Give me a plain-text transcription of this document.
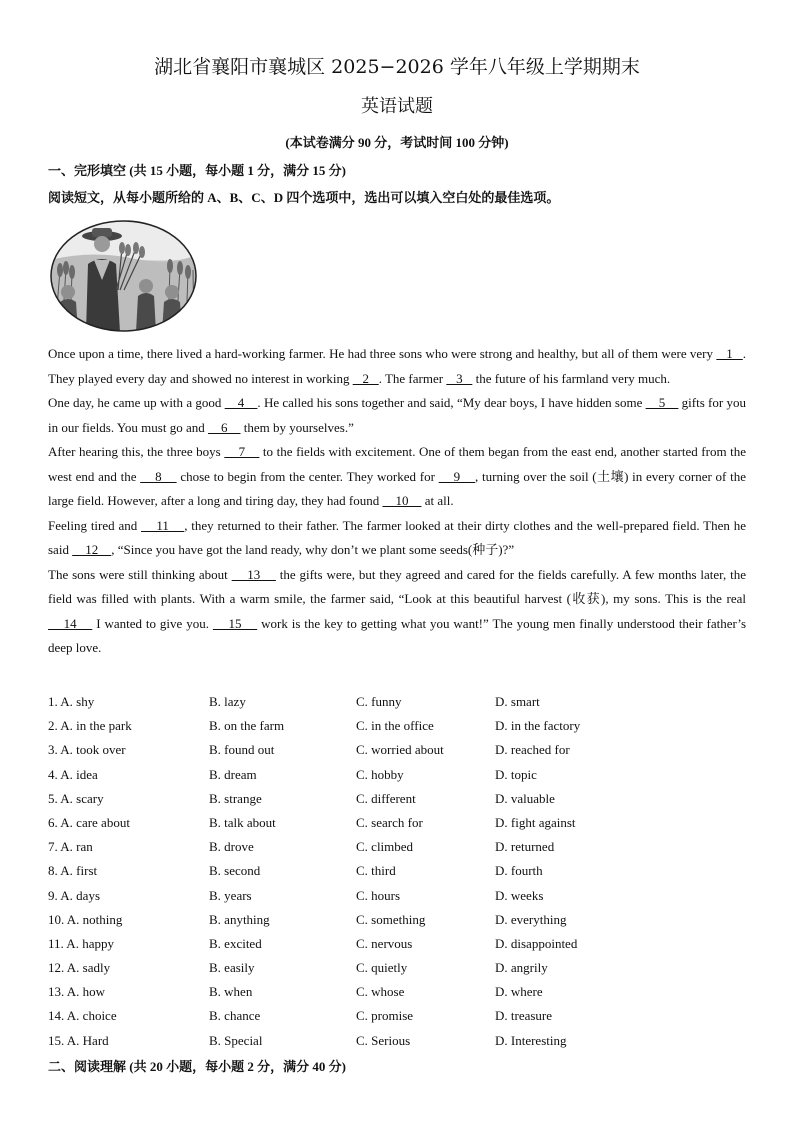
湖北省襄阳市襄城区 2025−2026 学年八年级上学期期末
英语试题
(本试卷满分 90 分，考试时间 100 分钟)
一、完形填空 (共 15 小题，每小题 1 分，满分 15 分)
阅读短文，从每小题所给的 A、B、C、D 四个选项中，选出可以填入空白处的最佳选项。

Once upon a time, there lived a hard-working farmer. He had three sons who were strong and healthy, but all of them were very    1   . They played every day and showed no interest in working    2   . The farmer    3    the future of his farmland very much.

One day, he came up with a good     4    . He called his sons together and said, “My dear boys, I have hidden some     5     gifts for you in our fields. You must go and     6     them by yourselves.”

After hearing this, the three boys     7     to the fields with excitement. One of them began from the east end, another started from the west end and the     8     chose to begin from the center. They worked for     9    , turning over the soil (土壤) in every corner of the large field. However, after a long and tiring day, they had found     10     at all.

Feeling tired and     11    , they returned to their father. The farmer looked at their dirty clothes and the well-prepared field. Then he said     12    , “Since you have got the land ready, why don’t we plant some seeds(种子)?”

The sons were still thinking about     13     the gifts were, but they agreed and cared for the fields carefully. A few months later, the field was filled with plants. With a warm smile, the farmer said, “Look at this beautiful harvest (收获), my sons. This is the real     14     I wanted to give you.     15     work is the key to getting what you want!” The young men finally understood their father’s deep love.

1. A. shy	B. lazy	C. funny	D. smart
2. A. in the park	B. on the farm	C. in the office	D. in the factory
3. A. took over	B. found out	C. worried about	D. reached for
4. A. idea	B. dream	C. hobby	D. topic
5. A. scary	B. strange	C. different	D. valuable
6. A. care about	B. talk about	C. search for	D. fight against
7. A. ran	B. drove	C. climbed	D. returned
8. A. first	B. second	C. third	D. fourth
9. A. days	B. years	C. hours	D. weeks
10. A. nothing	B. anything	C. something	D. everything
11. A. happy	B. excited	C. nervous	D. disappointed
12. A. sadly	B. easily	C. quietly	D. angrily
13. A. how	B. when	C. whose	D. where
14. A. choice	B. chance	C. promise	D. treasure
15. A. Hard	B. Special	C. Serious	D. Interesting
二、阅读理解 (共 20 小题，每小题 2 分，满分 40 分)
